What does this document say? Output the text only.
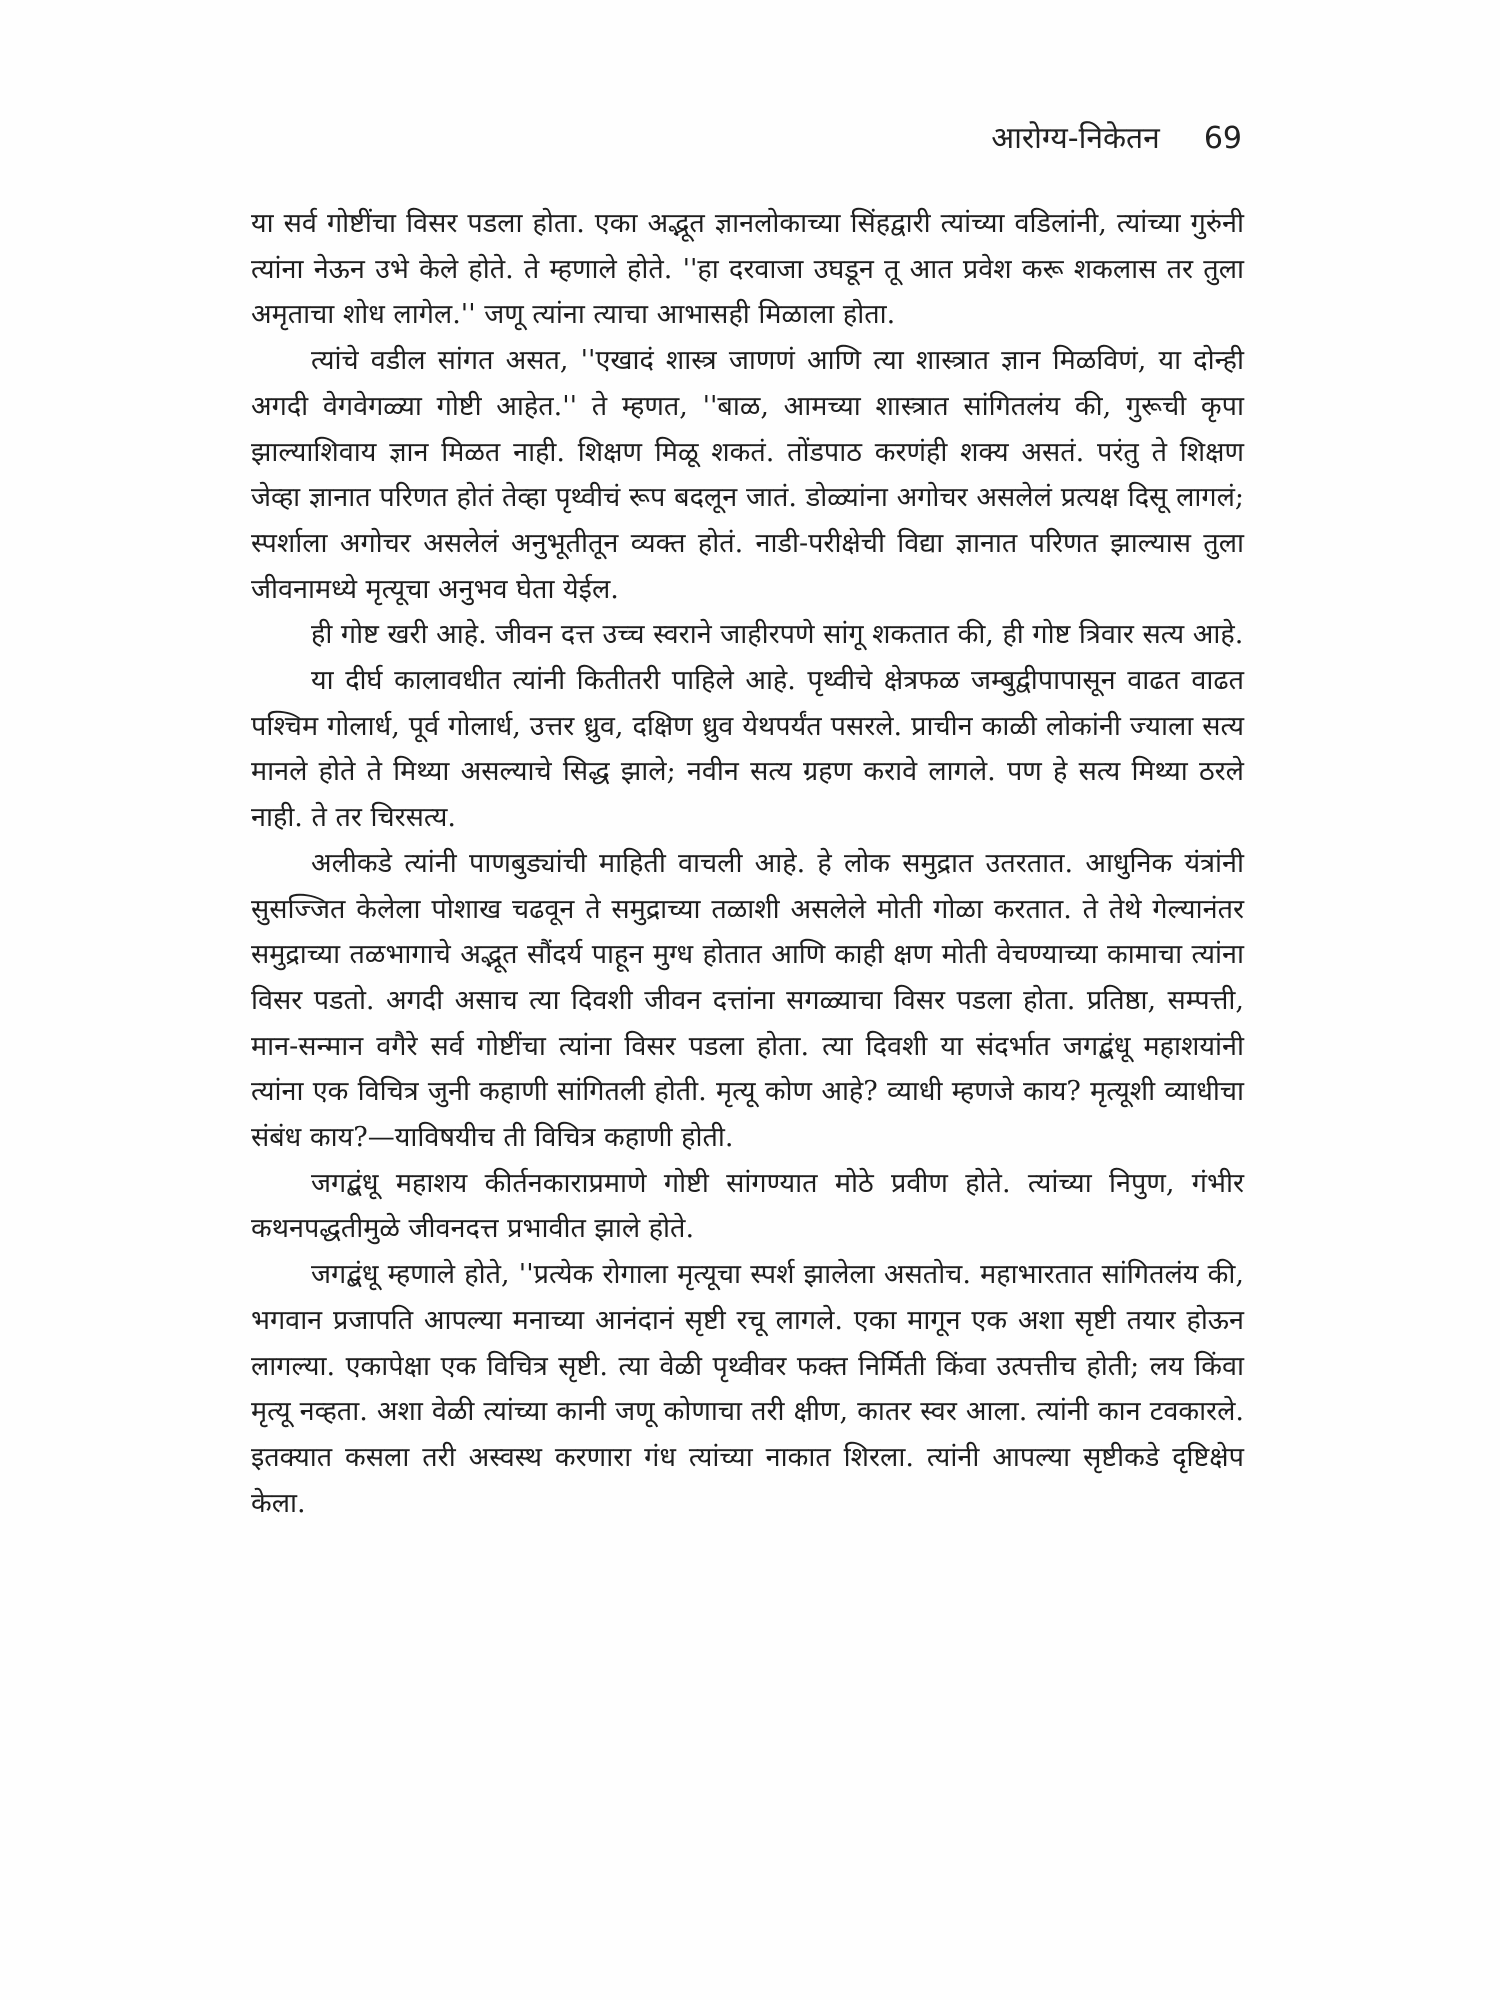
आरोग्य-निकेतन 69

या सर्व गोष्टींचा विसर पडला होता. एका अद्भूत ज्ञानलोकाच्या सिंहद्वारी त्यांच्या वडिलांनी, त्यांच्या गुरुंनी त्यांना नेऊन उभे केले होते. ते म्हणाले होते. ''हा दरवाजा उघडून तू आत प्रवेश करू शकलास तर तुला अमृताचा शोध लागेल.'' जणू त्यांना त्याचा आभासही मिळाला होता.

त्यांचे वडील सांगत असत, ''एखादं शास्त्र जाणणं आणि त्या शास्त्रात ज्ञान मिळविणं, या दोन्ही अगदी वेगवेगळ्या गोष्टी आहेत.'' ते म्हणत, ''बाळ, आमच्या शास्त्रात सांगितलंय की, गुरूची कृपा झाल्याशिवाय ज्ञान मिळत नाही. शिक्षण मिळू शकतं. तोंडपाठ करणंही शक्य असतं. परंतु ते शिक्षण जेव्हा ज्ञानात परिणत होतं तेव्हा पृथ्वीचं रूप बदलून जातं. डोळ्यांना अगोचर असलेलं प्रत्यक्ष दिसू लागलं; स्पर्शाला अगोचर असलेलं अनुभूतीतून व्यक्त होतं. नाडी-परीक्षेची विद्या ज्ञानात परिणत झाल्यास तुला जीवनामध्ये मृत्यूचा अनुभव घेता येईल.

ही गोष्ट खरी आहे. जीवन दत्त उच्च स्वराने जाहीरपणे सांगू शकतात की, ही गोष्ट त्रिवार सत्य आहे.

या दीर्घ कालावधीत त्यांनी कितीतरी पाहिले आहे. पृथ्वीचे क्षेत्रफळ जम्बुद्वीपापासून वाढत वाढत पश्चिम गोलार्ध, पूर्व गोलार्ध, उत्तर ध्रुव, दक्षिण ध्रुव येथपर्यंत पसरले. प्राचीन काळी लोकांनी ज्याला सत्य मानले होते ते मिथ्या असल्याचे सिद्ध झाले; नवीन सत्य ग्रहण करावे लागले. पण हे सत्य मिथ्या ठरले नाही. ते तर चिरसत्य.

अलीकडे त्यांनी पाणबुड्यांची माहिती वाचली आहे. हे लोक समुद्रात उतरतात. आधुनिक यंत्रांनी सुसज्जित केलेला पोशाख चढवून ते समुद्राच्या तळाशी असलेले मोती गोळा करतात. ते तेथे गेल्यानंतर समुद्राच्या तळभागाचे अद्भूत सौंदर्य पाहून मुग्ध होतात आणि काही क्षण मोती वेचण्याच्या कामाचा त्यांना विसर पडतो. अगदी असाच त्या दिवशी जीवन दत्तांना सगळ्याचा विसर पडला होता. प्रतिष्ठा, सम्पत्ती, मान-सन्मान वगैरे सर्व गोष्टींचा त्यांना विसर पडला होता. त्या दिवशी या संदर्भात जगद्बंधू महाशयांनी त्यांना एक विचित्र जुनी कहाणी सांगितली होती. मृत्यू कोण आहे? व्याधी म्हणजे काय? मृत्यूशी व्याधीचा संबंध काय?—याविषयीच ती विचित्र कहाणी होती.

जगद्बंधू महाशय कीर्तनकाराप्रमाणे गोष्टी सांगण्यात मोठे प्रवीण होते. त्यांच्या निपुण, गंभीर कथनपद्धतीमुळे जीवनदत्त प्रभावीत झाले होते.

जगद्बंधू म्हणाले होते, ''प्रत्येक रोगाला मृत्यूचा स्पर्श झालेला असतोच. महाभारतात सांगितलंय की, भगवान प्रजापति आपल्या मनाच्या आनंदानं सृष्टी रचू लागले. एका मागून एक अशा सृष्टी तयार होऊन लागल्या. एकापेक्षा एक विचित्र सृष्टी. त्या वेळी पृथ्वीवर फक्त निर्मिती किंवा उत्पत्तीच होती; लय किंवा मृत्यू नव्हता. अशा वेळी त्यांच्या कानी जणू कोणाचा तरी क्षीण, कातर स्वर आला. त्यांनी कान टवकारले. इतक्यात कसला तरी अस्वस्थ करणारा गंध त्यांच्या नाकात शिरला. त्यांनी आपल्या सृष्टीकडे दृष्टिक्षेप केला.
